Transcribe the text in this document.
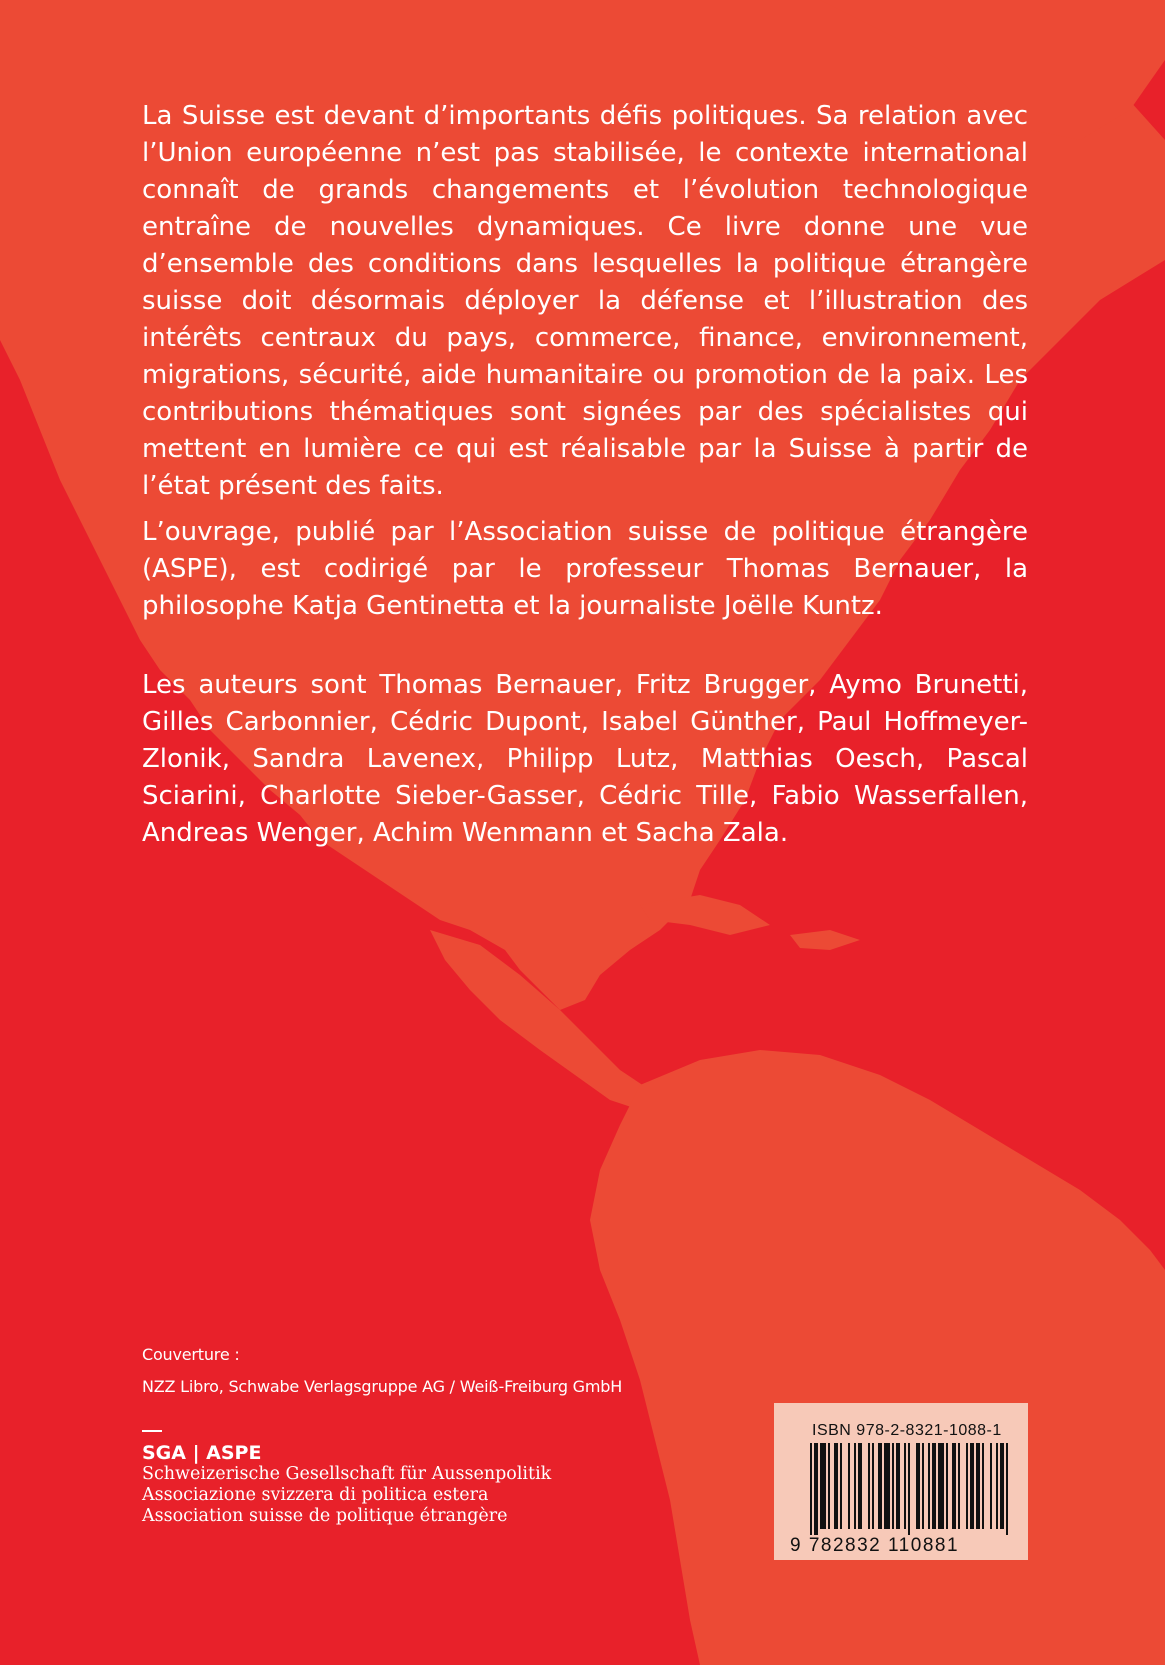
La Suisse est devant d’importants défis politiques. Sa relation avec l’Union européenne n’est pas stabilisée, le contexte international connaît de grands changements et l’évolution technologique entraîne de nouvelles dynamiques. Ce livre donne une vue d’ensemble des conditions dans lesquelles la politique étrangère suisse doit désormais déployer la défense et l’illustration des intérêts centraux du pays, commerce, finance, environnement, migrations, sécurité, aide humanitaire ou promotion de la paix. Les contributions thématiques sont signées par des spécialistes qui mettent en lumière ce qui est réalisable par la Suisse à partir de l’état présent des faits.

L’ouvrage, publié par l’Association suisse de politique étrangère (ASPE), est codirigé par le professeur Thomas Bernauer, la philosophe Katja Gentinetta et la journaliste Joëlle Kuntz.

Les auteurs sont Thomas Bernauer, Fritz Brugger, Aymo Brunetti, Gilles Carbonnier, Cédric Dupont, Isabel Günther, Paul Hoffmeyer-Zlonik, Sandra Lavenex, Philipp Lutz, Matthias Oesch, Pascal Sciarini, Charlotte Sieber-Gasser, Cédric Tille, Fabio Wasserfallen, Andreas Wenger, Achim Wenmann et Sacha Zala.

Couverture :

NZZ Libro, Schwabe Verlagsgruppe AG / Weiß-Freiburg GmbH

SGA | ASPE

Schweizerische Gesellschaft für Aussenpolitik

Associazione svizzera di politica estera

Association suisse de politique étrangère

ISBN 978-2-8321-1088-1
9 782832 110881
